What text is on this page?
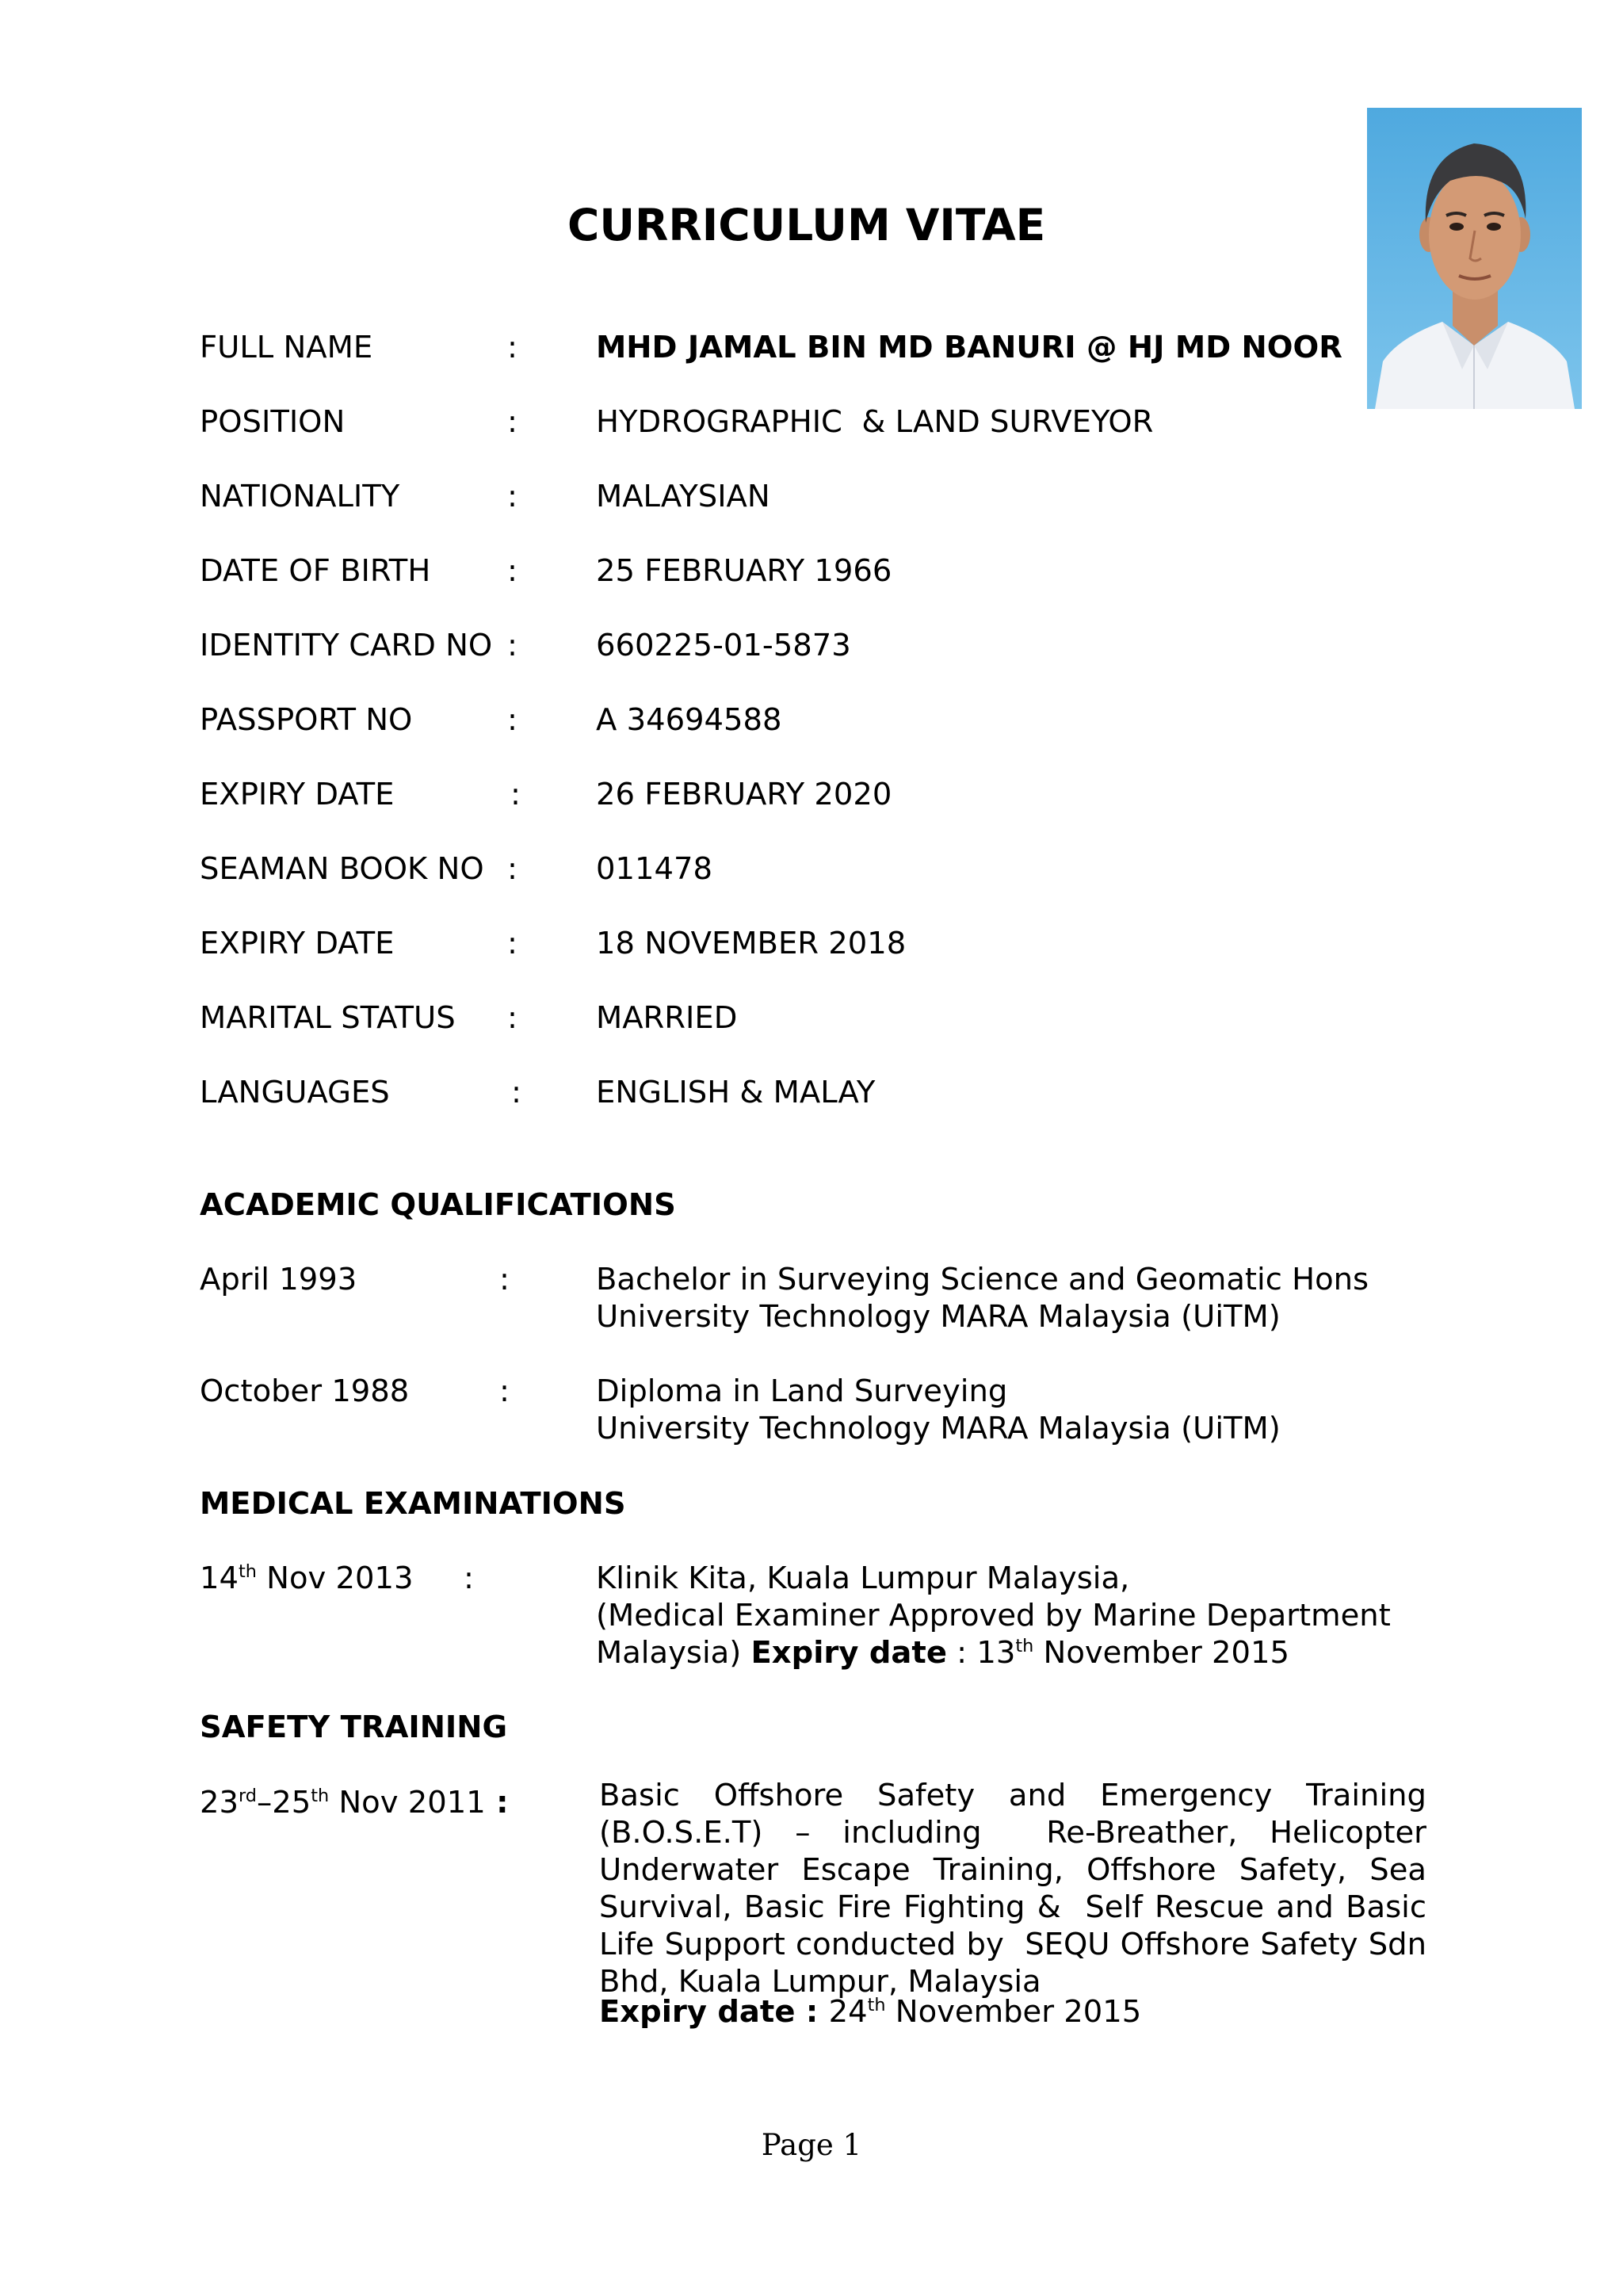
CURRICULUM VITAE
FULL NAME	:	MHD JAMAL BIN MD BANURI @ HJ MD NOOR
POSITION	:	HYDROGRAPHIC  & LAND SURVEYOR
NATIONALITY	:	MALAYSIAN
DATE OF BIRTH	:	25 FEBRUARY 1966
IDENTITY CARD NO :	660225-01-5873
PASSPORT NO	:	A 34694588
EXPIRY DATE	: 26 FEBRUARY 2020
SEAMAN BOOK NO :	011478
EXPIRY DATE	:	18 NOVEMBER 2018
MARITAL STATUS :	MARRIED
LANGUAGES	: ENGLISH & MALAY
ACADEMIC QUALIFICATIONS
April 1993	:	Bachelor in Surveying Science and Geomatic Hons
University Technology MARA Malaysia (UiTM)
October 1988	:	Diploma in Land Surveying
University Technology MARA Malaysia (UiTM)
MEDICAL EXAMINATIONS
14th Nov 2013 :	Klinik Kita, Kuala Lumpur Malaysia,
(Medical Examiner Approved by Marine Department
Malaysia) Expiry date : 13th November 2015
SAFETY TRAINING
23rd–25th Nov 2011 :	Basic Offshore Safety and Emergency Training (B.O.S.E.T) – including  Re-Breather, Helicopter Underwater Escape Training, Offshore Safety, Sea Survival, Basic Fire Fighting &  Self Rescue and Basic Life Support conducted by  SEQU Offshore Safety Sdn Bhd, Kuala Lumpur, Malaysia
Expiry date : 24th November 2015
Page 1
